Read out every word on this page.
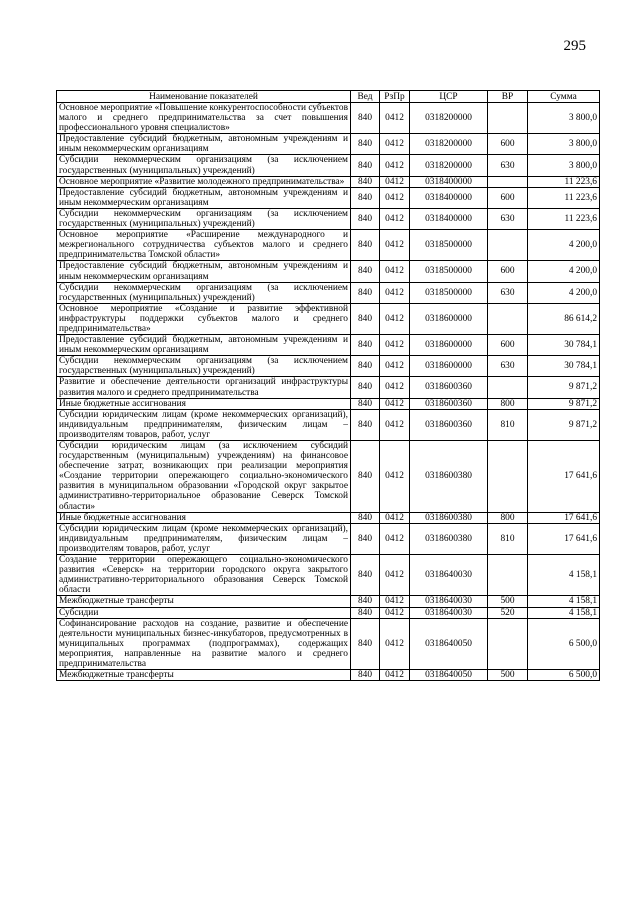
295
Наименование показателей	Вед	РзПр	ЦСР	ВР	Сумма
Основное мероприятие «Повышение конкурентоспособности субъектов малого и среднего предпринимательства за счет повышения профессионального уровня специалистов»	840	0412	0318200000		3 800,0
Предоставление субсидий бюджетным, автономным учреждениям и иным некоммерческим организациям	840	0412	0318200000	600	3 800,0
Субсидии некоммерческим организациям (за исключением государственных (муниципальных) учреждений)	840	0412	0318200000	630	3 800,0
Основное мероприятие «Развитие молодежного предпринимательства»	840	0412	0318400000		11 223,6
Предоставление субсидий бюджетным, автономным учреждениям и иным некоммерческим организациям	840	0412	0318400000	600	11 223,6
Субсидии некоммерческим организациям (за исключением государственных (муниципальных) учреждений)	840	0412	0318400000	630	11 223,6
Основное мероприятие «Расширение международного и межрегионального сотрудничества субъектов малого и среднего предпринимательства Томской области»	840	0412	0318500000		4 200,0
Предоставление субсидий бюджетным, автономным учреждениям и иным некоммерческим организациям	840	0412	0318500000	600	4 200,0
Субсидии некоммерческим организациям (за исключением государственных (муниципальных) учреждений)	840	0412	0318500000	630	4 200,0
Основное мероприятие «Создание и развитие эффективной инфраструктуры поддержки субъектов малого и среднего предпринимательства»	840	0412	0318600000		86 614,2
Предоставление субсидий бюджетным, автономным учреждениям и иным некоммерческим организациям	840	0412	0318600000	600	30 784,1
Субсидии некоммерческим организациям (за исключением государственных (муниципальных) учреждений)	840	0412	0318600000	630	30 784,1
Развитие и обеспечение деятельности организаций инфраструктуры развития малого и среднего предпринимательства	840	0412	0318600360		9 871,2
Иные бюджетные ассигнования	840	0412	0318600360	800	9 871,2
Субсидии юридическим лицам (кроме некоммерческих организаций), индивидуальным предпринимателям, физическим лицам – производителям товаров, работ, услуг	840	0412	0318600360	810	9 871,2
Субсидии юридическим лицам (за исключением субсидий государственным (муниципальным) учреждениям) на финансовое обеспечение затрат, возникающих при реализации мероприятия «Создание территории опережающего социально-экономического развития в муниципальном образовании «Городской округ закрытое административно-территориальное образование Северск Томской области»	840	0412	0318600380		17 641,6
Иные бюджетные ассигнования	840	0412	0318600380	800	17 641,6
Субсидии юридическим лицам (кроме некоммерческих организаций), индивидуальным предпринимателям, физическим лицам – производителям товаров, работ, услуг	840	0412	0318600380	810	17 641,6
Создание территории опережающего социально-экономического развития «Северск» на территории городского округа закрытого административно-территориального образования Северск Томской области	840	0412	0318640030		4 158,1
Межбюджетные трансферты	840	0412	0318640030	500	4 158,1
Субсидии	840	0412	0318640030	520	4 158,1
Софинансирование расходов на создание, развитие и обеспечение деятельности муниципальных бизнес-инкубаторов, предусмотренных в муниципальных программах (подпрограммах), содержащих мероприятия, направленные на развитие малого и среднего предпринимательства	840	0412	0318640050		6 500,0
Межбюджетные трансферты	840	0412	0318640050	500	6 500,0
